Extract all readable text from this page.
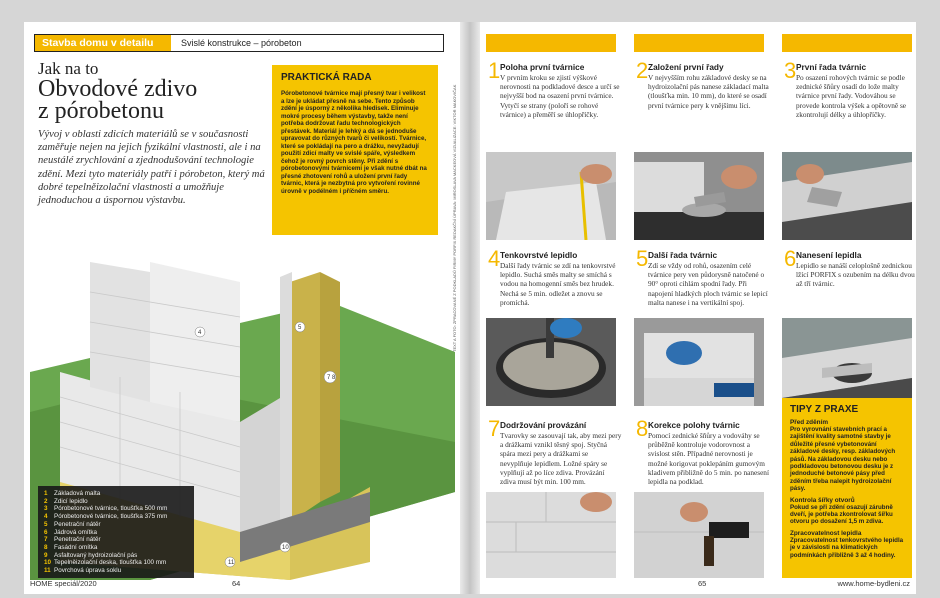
Stavba domu v detailu	Svislé konstrukce – pórobeton
Jak na to
Obvodové zdivo
z pórobetonu

Vývoj v oblasti zdicích materiálů se v současnosti zaměřuje nejen na jejich fyzikální vlastnosti, ale i na neustálé zrychlování a zjednodušování technologie zdění. Mezi tyto materiály patří i pórobeton, který má dobré tepelněizolační vlastnosti a umožňuje jednoduchou a úspornou výstavbu.

PRAKTICKÁ RADA

Pórobetonové tvárnice mají přesný tvar i velikost a lze je ukládat přesně na sebe. Tento způsob zdění je úsporný z několika hledisek. Eliminuje mokré procesy během výstavby, takže není potřeba dodržovat řadu technologických přestávek. Materiál je lehký a dá se jednoduše upravovat do různých tvarů či velikostí. Tvárnice, které se pokládají na pero a drážku, nevyžadují použití zdicí malty ve svislé spáře, výsledkem čehož je rovný povrch stěny. Při zdění s pórobetonovými tvárnicemi je však nutné dbát na přesné zhotovení rohů a uložení první řady tvárnic, která je nezbytná pro vytvoření rovinné úrovně v podélném i příčném směru.

4
5
7 8
10
11
1 Základová malta
2 Zdicí lepidlo
3 Pórobetonové tvárnice, tloušťka 500 mm
4 Pórobetonové tvárnice, tloušťka 375 mm
5 Penetrační nátěr
6 Jádrová omítka
7 Penetrační nátěr
8 Fasádní omítka
9 Asfaltovaný hydroizolační pás
10 Tepelněizolační deska, tloušťka 100 mm
11 Povrchová úprava soklu
TEXT A FOTO: ZPRACOVANÉ Z PODKLADŮ FIRMY PORFIX REDAKČNÍ ÚPRAVA: MIROSLAVA MACKEOVÁ VIZUALIZACE: VIKTOR MAKOVIČAK
HOME speciál/2020	64
1 Poloha první tvárnice
V prvním kroku se zjistí výškové nerovnosti na podkladové desce a určí se nejvyšší bod na osazení první tvárnice. Vytyčí se strany (poloří se rohové tvárnice) a přeměří se úhlopříčky.
2 Založení první řady
V nejvyšším rohu základové desky se na hydroizolační pás nanese základací malta (tloušťka min. 10 mm), do které se osadí první tvárnice pery k vnějšímu líci.
3 První řada tvárnic
Po osazení rohových tvárnic se podle zednické šňůry osadí do lože malty tvárnice první řady. Vodováhou se provede kontrola výšek a opětovně se zkontrolují délky a úhlopříčky.
4 Tenkovrstvé lepidlo
Další řady tvárnic se zdí na tenkovrstvé lepidlo. Suchá směs malty se smíchá s vodou na homogenní směs bez hrudek. Nechá se 5 min. odležet a znovu se promíchá.
5 Další řada tvárnic
Zdí se vždy od rohů, osazením celé tvárnice pery ven půdorysně natočené o 90° oproti cihlám spodní řady. Při napojení hladkých ploch tvárnic se lepicí malta nanese i na vertikální spoj.
6 Nanesení lepidla
Lepidlo se nanáší celoplošně zednickou lžící PORFIX s ozubením na délku dvou až tří tvárnic.
7 Dodržování provázání
Tvarovky se zasouvají tak, aby mezi pery a drážkami vznikl těsný spoj. Styčná spára mezi pery a drážkami se nevyplňuje lepidlem. Ložné spáry se vyplňují až po líce zdiva. Provázání zdiva musí být min. 100 mm.
8 Korekce polohy tvárnic
Pomocí zednické šňůry a vodováhy se průběžně kontroluje vodorovnost a svislost stěn. Případné nerovnosti je možné korigovat poklepáním gumovým kladivem přibližně do 5 min. po nanesení lepidla na podklad.
TIPY Z PRAXE
Před zděním

Pro vyrovnání stavebních prací a zajištění kvality samotné stavby je důležité přesné vybetonování základové desky, resp. základových pásů. Na základovou desku nebo podkladovou betonovou desku je z jednoduché betonové pásy před zděním třeba nalepit hydroizolační pásy.

Kontrola šířky otvorů

Pokud se při zdění osazují zárubně dveří, je potřeba zkontrolovat šířku otvoru po dosažení 1,5 m zdiva.

Zpracovatelnost lepidla

Zpracovatelnost tenkovrstvého lepidla je v závislosti na klimatických podmínkách přibližně 3 až 4 hodiny.

65	www.home-bydleni.cz
